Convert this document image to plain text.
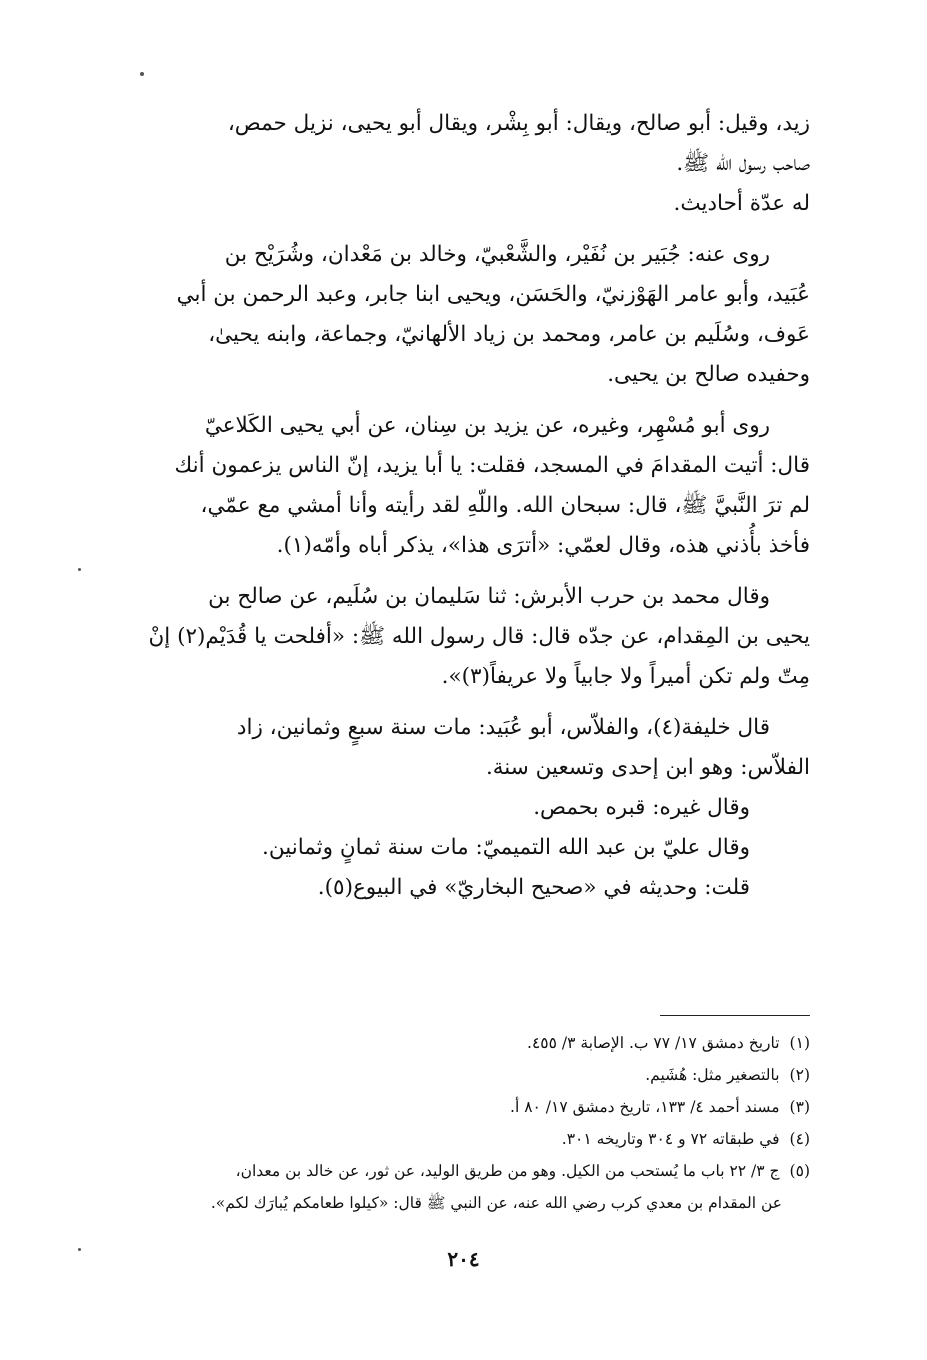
زيد، وقيل: أبو صالح، ويقال: أبو بِشْر، ويقال أبو يحيى، نزيل حمص،
صاحب رسول الله ﷺ.
له عدّة أحاديث.
روى عنه: جُبَير بن نُفَيْر، والشَّعْبيّ، وخالد بن مَعْدان، وشُرَيْح بن
عُبَيد، وأبو عامر الهَوْزنيّ، والحَسَن، ويحيى ابنا جابر، وعبد الرحمن بن أبي
عَوف، وسُلَيم بن عامر، ومحمد بن زياد الألهانيّ، وجماعة، وابنه يحيىٰ،
وحفيده صالح بن يحيى.
روى أبو مُسْهِر، وغيره، عن يزيد بن سِنان، عن أبي يحيى الكَلاعيّ
قال: أتيت المقدامَ في المسجد، فقلت: يا أبا يزيد، إنّ الناس يزعمون أنك
لم ترَ النَّبيَّ ﷺ، قال: سبحان الله. واللّهِ لقد رأيته وأنا أمشي مع عمّي،
فأخذ بأُذني هذه، وقال لعمّي: «أترَى هذا»، يذكر أباه وأمّه(١).
وقال محمد بن حرب الأبرش: ثنا سَليمان بن سُلَيم، عن صالح بن
يحيى بن المِقدام، عن جدّه قال: قال رسول الله ﷺ: «أفلحت يا قُدَيْم(٢) إنْ
مِتّ ولم تكن أميراً ولا جابياً ولا عريفاً(٣)».
قال خليفة(٤)، والفلاّس، أبو عُبَيد: مات سنة سبعٍ وثمانين، زاد
الفلاّس: وهو ابن إحدى وتسعين سنة.
وقال غيره: قبره بحمص.
وقال عليّ بن عبد الله التميميّ: مات سنة ثمانٍ وثمانين.
قلت: وحديثه في «صحيح البخاريّ» في البيوع(٥).
(١)تاريخ دمشق ١٧/ ٧٧ ب. الإصابة ٣/ ٤٥٥.
(٢)بالتصغير مثل: هُشَيم.
(٣)مسند أحمد ٤/ ١٣٣، تاريخ دمشق ١٧/ ٨٠ أ.
(٤)في طبقاته ٧٢ و ٣٠٤ وتاريخه ٣٠١.
(٥)ج ٣/ ٢٢ باب ما يُستحب من الكيل. وهو من طريق الوليد، عن ثور، عن خالد بن معدان،
عن المقدام بن معدي كرب رضي الله عنه، عن النبي ﷺ قال: «كيلوا طعامكم يُبارَك لكم».
٢٠٤
